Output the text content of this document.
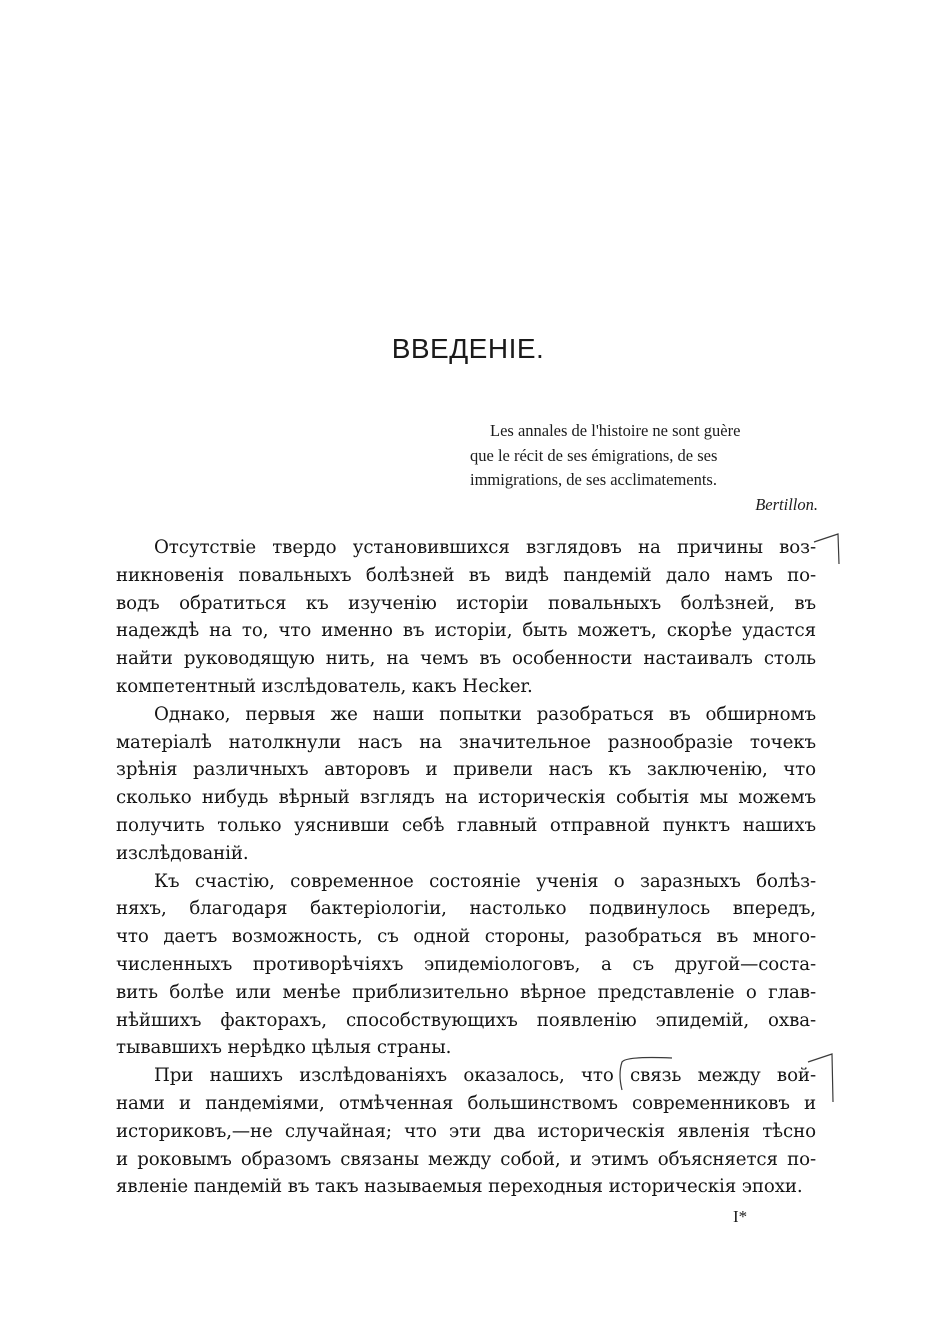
ВВЕДЕНІЕ.
Les annales de l'histoire ne sont guère
que le récit de ses émigrations, de ses
immigrations, de ses acclimatements.
Bertillon.
Отсутствіе твердо установившихся взглядовъ на причины воз-
никновенія повальныхъ болѣзней въ видѣ пандемій дало намъ по-
водъ обратиться къ изученію исторіи повальныхъ болѣзней, въ
надеждѣ на то, что именно въ исторіи, быть можетъ, скорѣе удастся
найти руководящую нить, на чемъ въ особенности настаивалъ столь
компетентный изслѣдователь, какъ Hecker.
Однако, первыя же наши попытки разобраться въ обширномъ
матеріалѣ натолкнули насъ на значительное разнообразіе точекъ
зрѣнія различныхъ авторовъ и привели насъ къ заключенію, что
сколько нибудь вѣрный взглядъ на историческія событія мы можемъ
получить только уяснивши себѣ главный отправной пунктъ нашихъ
изслѣдованій.
Къ счастію, современное состояніе ученія о заразныхъ болѣз-
няхъ, благодаря бактеріологіи, настолько подвинулось впередъ,
что даетъ возможность, съ одной стороны, разобраться въ много-
численныхъ противорѣчіяхъ эпидеміологовъ, а съ другой—состa-
вить болѣе или менѣе приблизительно вѣрное представленіе о глав-
нѣйшихъ факторахъ, способствующихъ появленію эпидемій, охва-
тывавшихъ нерѣдко цѣлыя страны.
При нашихъ изслѣдованіяхъ оказалось, что связь между вой-
нами и пандеміями, отмѣченная большинствомъ современниковъ и
историковъ,—не случайная; что эти два историческія явленія тѣсно
и роковымъ образомъ связаны между собой, и этимъ объясняется по-
явленіе пандемій въ такъ называемыя переходныя историческія эпохи.
I*
